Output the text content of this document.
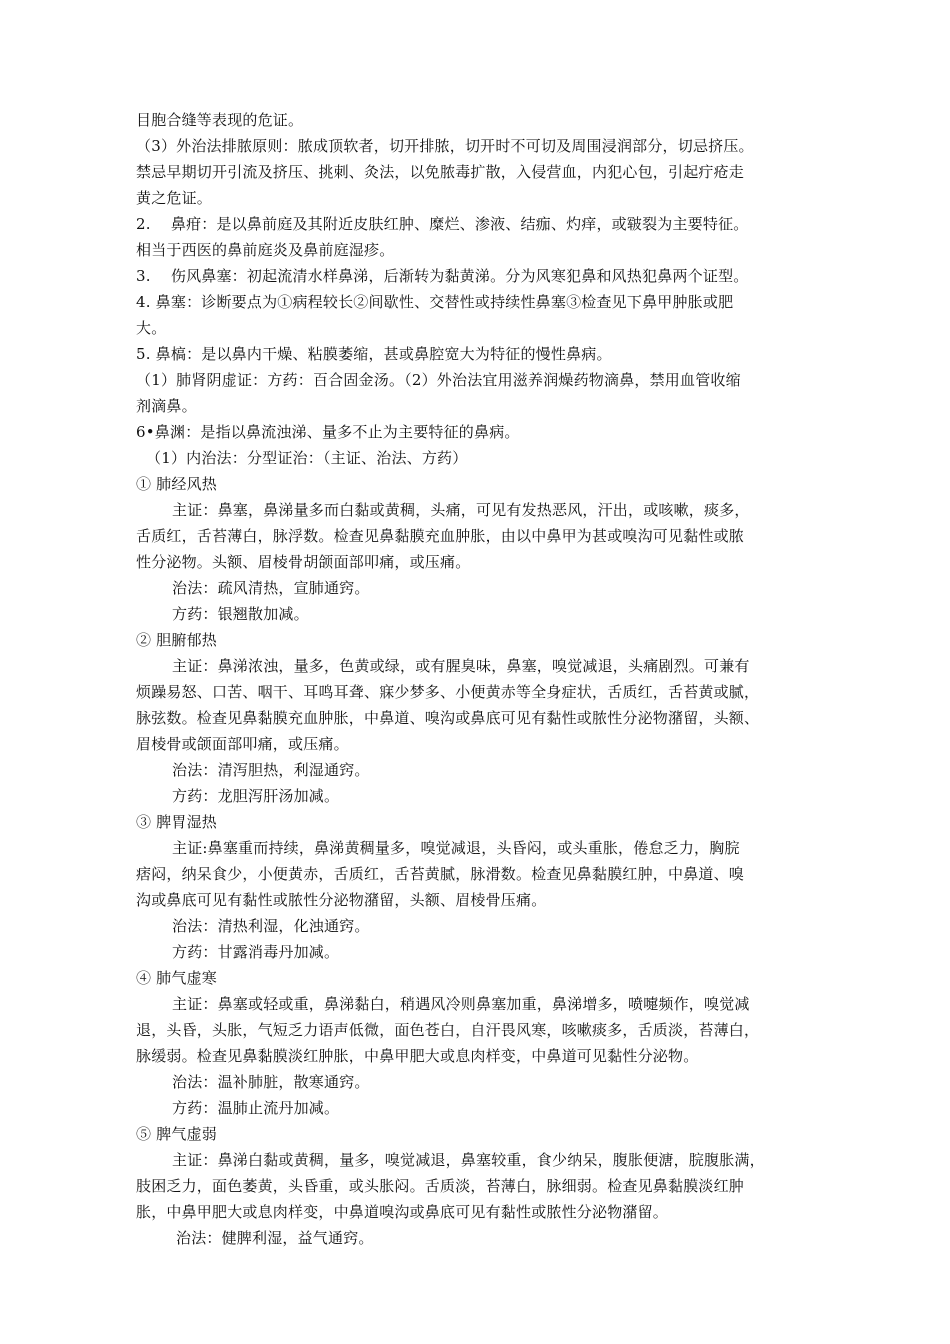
目胞合缝等表现的危证。
（3）外治法排脓原则：脓成顶软者，切开排脓，切开时不可切及周围浸润部分，切忌挤压。
禁忌早期切开引流及挤压、挑刺、灸法，以免脓毒扩散，入侵营血，内犯心包，引起疔疮走
黄之危证。
2.　 鼻疳：是以鼻前庭及其附近皮肤红肿、糜烂、渗液、结痂、灼痒，或皲裂为主要特征。
相当于西医的鼻前庭炎及鼻前庭湿疹。
3.　 伤风鼻塞：初起流清水样鼻涕，后渐转为黏黄涕。分为风寒犯鼻和风热犯鼻两个证型。
4. 鼻塞：诊断要点为①病程较长②间歇性、交替性或持续性鼻塞③检查见下鼻甲肿胀或肥
大。
5. 鼻槁：是以鼻内干燥、粘膜萎缩，甚或鼻腔宽大为特征的慢性鼻病。
（1）肺肾阴虚证：方药：百合固金汤。（2）外治法宜用滋养润燥药物滴鼻，禁用血管收缩
剂滴鼻。
6•鼻渊：是指以鼻流浊涕、量多不止为主要特征的鼻病。
（1）内治法：分型证治：（主证、治法、方药）
① 肺经风热
主证：鼻塞，鼻涕量多而白黏或黄稠，头痛，可见有发热恶风，汗出，或咳嗽，痰多，
舌质红，舌苔薄白，脉浮数。检查见鼻黏膜充血肿胀，由以中鼻甲为甚或嗅沟可见黏性或脓
性分泌物。头额、眉棱骨胡颌面部叩痛，或压痛。
治法：疏风清热，宣肺通窍。
方药：银翘散加减。
② 胆腑郁热
主证：鼻涕浓浊，量多，色黄或绿，或有腥臭味，鼻塞，嗅觉减退，头痛剧烈。可兼有
烦躁易怒、口苦、咽干、耳鸣耳聋、寐少梦多、小便黄赤等全身症状，舌质红，舌苔黄或腻，
脉弦数。检查见鼻黏膜充血肿胀，中鼻道、嗅沟或鼻底可见有黏性或脓性分泌物潴留，头额、
眉棱骨或颌面部叩痛，或压痛。
治法：清泻胆热，利湿通窍。
方药：龙胆泻肝汤加减。
③ 脾胃湿热
主证:鼻塞重而持续，鼻涕黄稠量多，嗅觉减退，头昏闷，或头重胀，倦怠乏力，胸脘
痞闷，纳呆食少，小便黄赤，舌质红，舌苔黄腻，脉滑数。检查见鼻黏膜红肿，中鼻道、嗅
沟或鼻底可见有黏性或脓性分泌物潴留，头额、眉棱骨压痛。
治法：清热利湿，化浊通窍。
方药：甘露消毒丹加减。
④ 肺气虚寒
主证：鼻塞或轻或重，鼻涕黏白，稍遇风冷则鼻塞加重，鼻涕增多，喷嚏频作，嗅觉减
退，头昏，头胀，气短乏力语声低微，面色苍白，自汗畏风寒，咳嗽痰多，舌质淡，苔薄白，
脉缓弱。检查见鼻黏膜淡红肿胀，中鼻甲肥大或息肉样变，中鼻道可见黏性分泌物。
治法：温补肺脏，散寒通窍。
方药：温肺止流丹加减。
⑤ 脾气虚弱
主证：鼻涕白黏或黄稠，量多，嗅觉减退，鼻塞较重，食少纳呆，腹胀便溏，脘腹胀满，
肢困乏力，面色萎黄，头昏重，或头胀闷。舌质淡，苔薄白，脉细弱。检查见鼻黏膜淡红肿
胀，中鼻甲肥大或息肉样变，中鼻道嗅沟或鼻底可见有黏性或脓性分泌物潴留。
治法：健脾利湿，益气通窍。
